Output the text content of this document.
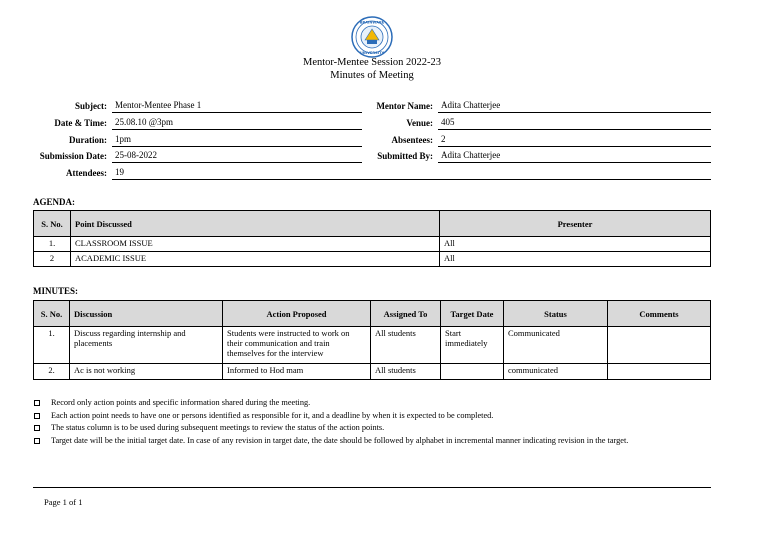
BRAINWARE
UNIVERSITY
Mentor-Mentee Session 2022-23
Minutes of Meeting
Subject: Mentor-Mentee Phase 1
Date & Time: 25.08.10 @3pm
Duration: 1pm
Submission Date: 25-08-2022
Attendees: 19
Mentor Name: Adita Chatterjee
Venue: 405
Absentees: 2
Submitted By: Adita Chatterjee
AGENDA:
S. No.	Point Discussed	Presenter
1.	CLASSROOM ISSUE	All
2	ACADEMIC ISSUE	All
MINUTES:
S. No.	Discussion	Action Proposed	Assigned To	Target Date	Status	Comments
1.	Discuss regarding internship and placements	Students were instructed to work on their communication and train themselves for the interview	All students	Start immediately	Communicated	
2.	Ac is not working	Informed to Hod mam	All students		communicated	
Record only action points and specific information shared during the meeting.
Each action point needs to have one or persons identified as responsible for it, and a deadline by when it is expected to be completed.
The status column is to be used during subsequent meetings to review the status of the action points.
Target date will be the initial target date. In case of any revision in target date, the date should be followed by alphabet in incremental manner indicating revision in the target.
Page 1 of 1
